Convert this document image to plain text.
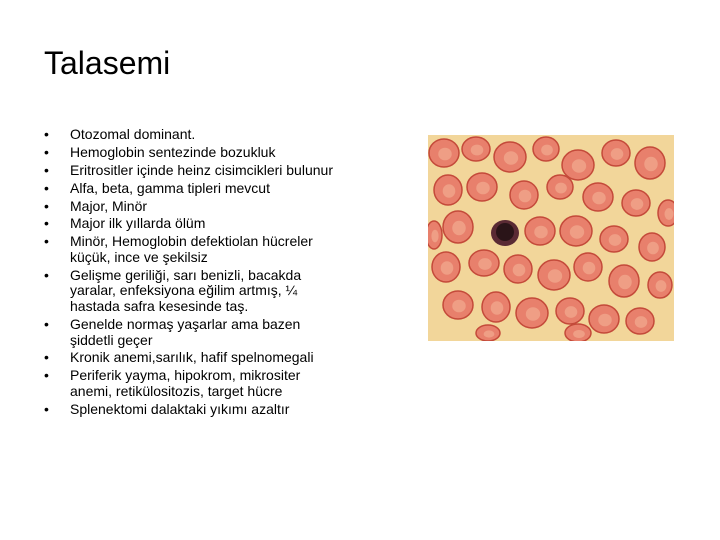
Talasemi
• Otozomal dominant.
• Hemoglobin sentezinde bozukluk
• Eritrositler içinde heinz cisimcikleri bulunur
• Alfa, beta, gamma tipleri mevcut
• Major, Minör
• Major ilk yıllarda ölüm
• Minör, Hemoglobin defektiolan hücreler küçük, ince ve şekilsiz
• Gelişme geriliği, sarı benizli, bacakda yaralar, enfeksiyona eğilim artmış, ¼ hastada safra kesesinde taş.
• Genelde normaş yaşarlar ama bazen şiddetli geçer
• Kronik anemi,sarılık, hafif spelnomegali
• Periferik yayma, hipokrom, mikrositer anemi, retikülositozis, target hücre
• Splenektomi dalaktaki yıkımı azaltır
